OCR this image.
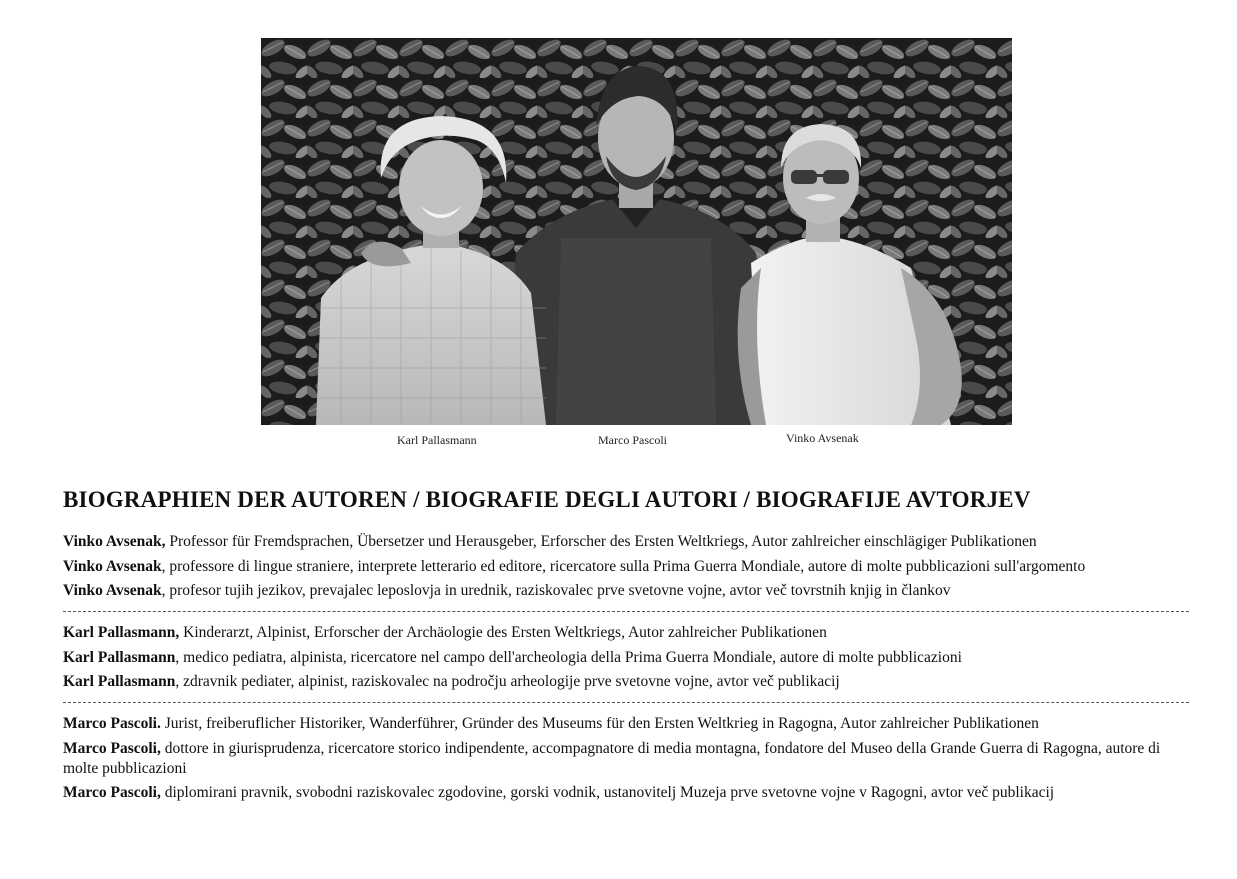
Karl Pallasmann	Marco Pascoli	Vinko Avsenak
BIOGRAPHIEN DER AUTOREN / BIOGRAFIE DEGLI AUTORI / BIOGRAFIJE AVTORJEV

Vinko Avsenak, Professor für Fremdsprachen, Übersetzer und Herausgeber, Erforscher des Ersten Weltkriegs, Autor zahlreicher einschlägiger Publikationen

Vinko Avsenak, professore di lingue straniere, interprete letterario ed editore, ricercatore sulla Prima Guerra Mondiale, autore di molte pubblicazioni sull'argomento

Vinko Avsenak, profesor tujih jezikov, prevajalec leposlovja in urednik, raziskovalec prve svetovne vojne, avtor več tovrstnih knjig in člankov

Karl Pallasmann, Kinderarzt, Alpinist, Erforscher der Archäologie des Ersten Weltkriegs, Autor zahlreicher Publikationen

Karl Pallasmann, medico pediatra, alpinista, ricercatore nel campo dell'archeologia della Prima Guerra Mondiale, autore di molte pubblicazioni

Karl Pallasmann, zdravnik pediater, alpinist, raziskovalec na področju arheologije prve svetovne vojne, avtor več publikacij

Marco Pascoli. Jurist, freiberuflicher Historiker, Wanderführer, Gründer des Museums für den Ersten Weltkrieg in Ragogna, Autor zahlreicher Publikationen

Marco Pascoli, dottore in giurisprudenza, ricercatore storico indipendente, accompagnatore di media montagna, fondatore del Museo della Grande Guerra di Ragogna, autore di molte pubblicazioni

Marco Pascoli, diplomirani pravnik, svobodni raziskovalec zgodovine, gorski vodnik, ustanovitelj Muzeja prve svetovne vojne v Ragogni, avtor več publikacij
